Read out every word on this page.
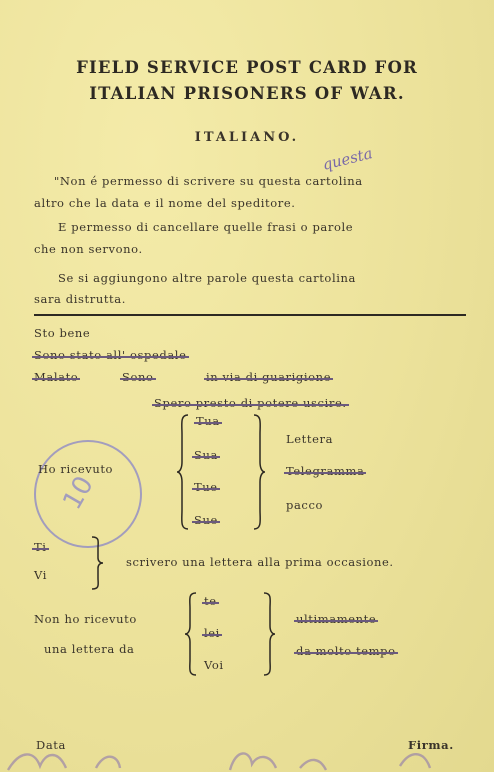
FIELD SERVICE POST CARD FOR
ITALIAN PRISONERS OF WAR.
ITALIANO.
questa
"Non é permesso di scrivere su questa cartolina
altro che la data e il nome del speditore.
E permesso di cancellare quelle frasi o parole
che non servono.
Se si aggiungono altre parole questa cartolina
sara distrutta.
Sto bene
Sono stato all' ospedale
Malato	Sono	in via di guarigione
Spero presto di potere uscire.
10
Ho ricevuto
Tua
Sua
Tue
Sue
Lettera
Telegramma
pacco
Ti
Vi
scrivero una lettera alla prima occasione.
Non ho ricevuto
una lettera da
te
lei
Voi
ultimamente
da molto tempo
Data	Firma.
